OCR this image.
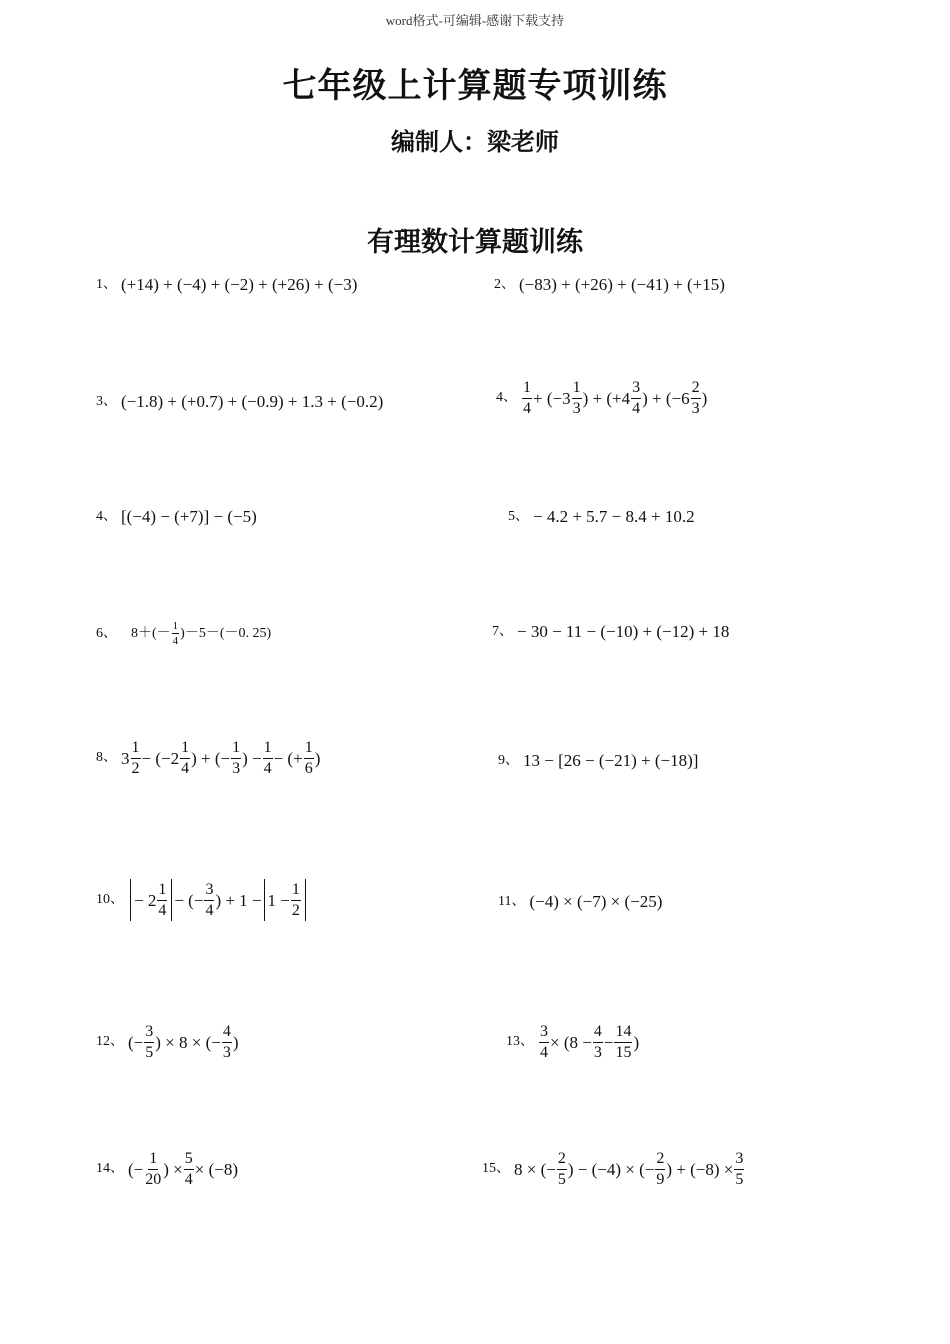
word格式-可编辑-感谢下载支持
七年级上计算题专项训练
编制人：梁老师
有理数计算题训练
1、 (+14) + (−4) + (−2) + (+26) + (−3)	2、 (−83) + (+26) + (−41) + (+15)
3、 (−1.8) + (+0.7) + (−0.9) + 1.3 + (−0.2)	4、 $\frac{1}{4} + (-3 \frac{1}{3}$ ) + ($+4 \frac{3}{4}$ ) + ($-6 \frac{2}{3}$ )
4、 [(−4) − (+7)] − (−5)	5、 − 4.2 + 5.7 − 8.4 + 10.2
6、 $8+(- \frac{1}{4} )-5-(-0$. 25)	7、 − 30 − 11 − (−10) + (−12) + 18
8、 $3 \frac{1}{2} - (-2 \frac{1}{4}$ ) + (− $\frac{1}{3}$ ) − $\frac{1}{4}$ − (+ $\frac{1}{6}$ )	9、 13 − [26 − (−21) + (−18)]
10、 − $2 \frac{1}{4}$ − (− $\frac{3}{4}$ ) + $1 - 1 - \frac{1}{2}$	11、 (−4) × (−7) × (−25)
12、 (− $\frac{3}{5}$ ) × 8 × (− $\frac{4}{3}$ )	13、 $\frac{3}{4} \times (8 - \frac{4}{3} - \frac{14}{15}$ )
14、 (− $\frac{1}{20}$ ) × $\frac{5}{4} \times (-8)$	15、 8 × (− $\frac{2}{5}$ ) − (−4) × (− $\frac{2}{9}$ ) + $(-8) \times \frac{3}{5}$
